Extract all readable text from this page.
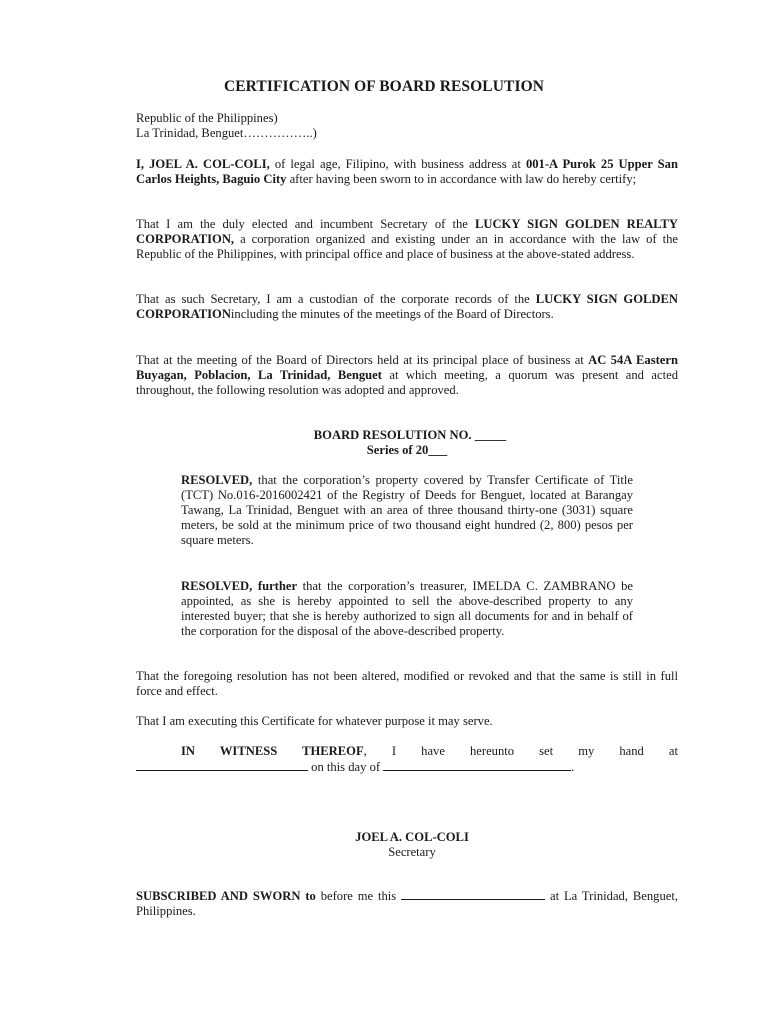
CERTIFICATION OF BOARD RESOLUTION
Republic of the Philippines)
La Trinidad, Benguet……………..)

I, JOEL A. COL-COLI, of legal age, Filipino, with business address at 001-A Purok 25 Upper San Carlos Heights, Baguio City after having been sworn to in accordance with law do hereby certify;

That I am the duly elected and incumbent Secretary of the LUCKY SIGN GOLDEN REALTY CORPORATION, a corporation organized and existing under an in accordance with the law of the Republic of the Philippines, with principal office and place of business at the above-stated address.

That as such Secretary, I am a custodian of the corporate records of the LUCKY SIGN GOLDEN CORPORATIONincluding the minutes of the meetings of the Board of Directors.

That at the meeting of the Board of Directors held at its principal place of business at AC 54A Eastern Buyagan, Poblacion, La Trinidad, Benguet at which meeting, a quorum was present and acted throughout, the following resolution was adopted and approved.

BOARD RESOLUTION NO. _____
Series of 20___

RESOLVED, that the corporation’s property covered by Transfer Certificate of Title (TCT) No.016-2016002421 of the Registry of Deeds for Benguet, located at Barangay Tawang, La Trinidad, Benguet with an area of three thousand thirty-one (3031) square meters, be sold at the minimum price of two thousand eight hundred (2, 800) pesos per square meters.

RESOLVED, further that the corporation’s treasurer, IMELDA C. ZAMBRANO be appointed, as she is hereby appointed to sell the above-described property to any interested buyer; that she is hereby authorized to sign all documents for and in behalf of the corporation for the disposal of the above-described property.

That the foregoing resolution has not been altered, modified or revoked and that the same is still in full force and effect.

That I am executing this Certificate for whatever purpose it may serve.

IN WITNESS THEREOF, I have hereunto set my hand at
on this day of	.
JOEL A. COL-COLI
Secretary
SUBSCRIBED AND SWORN to before me this	at La Trinidad, Benguet, Philippines.
